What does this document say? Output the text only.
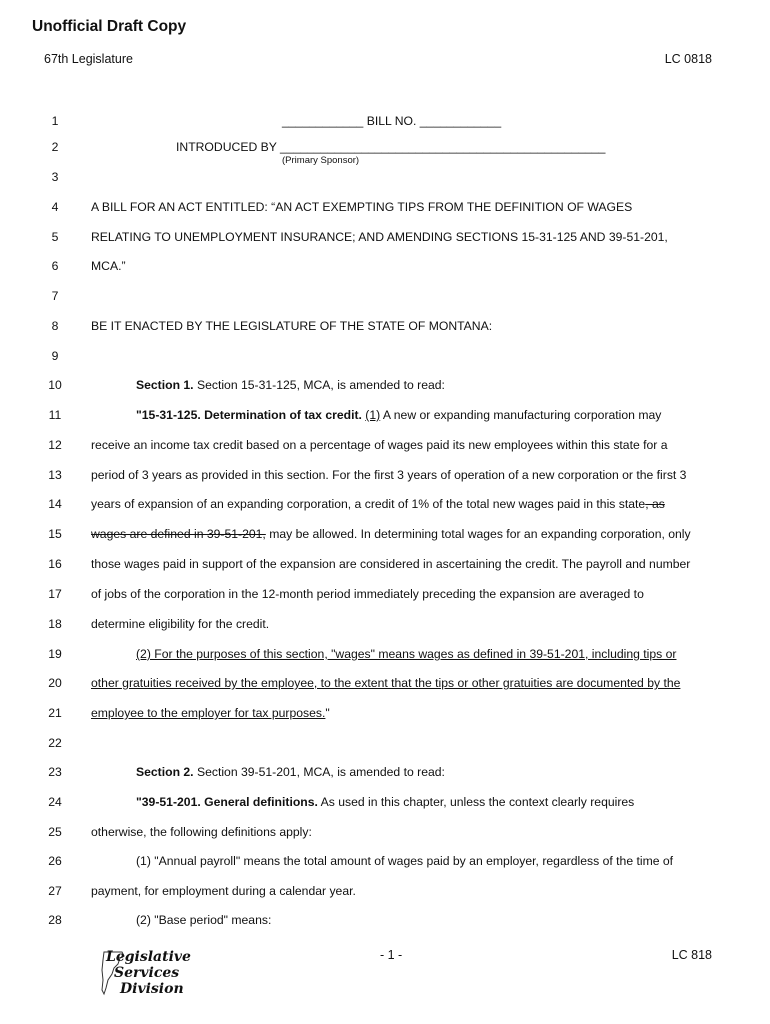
Unofficial Draft Copy
67th Legislature	LC 0818
1	____________ BILL NO. ____________
2	INTRODUCED BY ________________________________________________
(Primary Sponsor)
3
4	A BILL FOR AN ACT ENTITLED: “AN ACT EXEMPTING TIPS FROM THE DEFINITION OF WAGES
5	RELATING TO UNEMPLOYMENT INSURANCE; AND AMENDING SECTIONS 15-31-125 AND 39-51-201,
6	MCA.”
7
8	BE IT ENACTED BY THE LEGISLATURE OF THE STATE OF MONTANA:
9
10	Section 1. Section 15-31-125, MCA, is amended to read:
11	"15-31-125. Determination of tax credit. (1) A new or expanding manufacturing corporation may
12	receive an income tax credit based on a percentage of wages paid its new employees within this state for a
13	period of 3 years as provided in this section. For the first 3 years of operation of a new corporation or the first 3
14	years of expansion of an expanding corporation, a credit of 1% of the total new wages paid in this state, as
15	wages are defined in 39-51-201, may be allowed. In determining total wages for an expanding corporation, only
16	those wages paid in support of the expansion are considered in ascertaining the credit. The payroll and number
17	of jobs of the corporation in the 12-month period immediately preceding the expansion are averaged to
18	determine eligibility for the credit.
19	(2) For the purposes of this section, "wages" means wages as defined in 39-51-201, including tips or
20	other gratuities received by the employee, to the extent that the tips or other gratuities are documented by the
21	employee to the employer for tax purposes."
22
23	Section 2. Section 39-51-201, MCA, is amended to read:
24	"39-51-201. General definitions. As used in this chapter, unless the context clearly requires
25	otherwise, the following definitions apply:
26	(1) "Annual payroll" means the total amount of wages paid by an employer, regardless of the time of
27	payment, for employment during a calendar year.
28	(2) "Base period" means:
Legislative
Services
Division
- 1 -	LC 818
